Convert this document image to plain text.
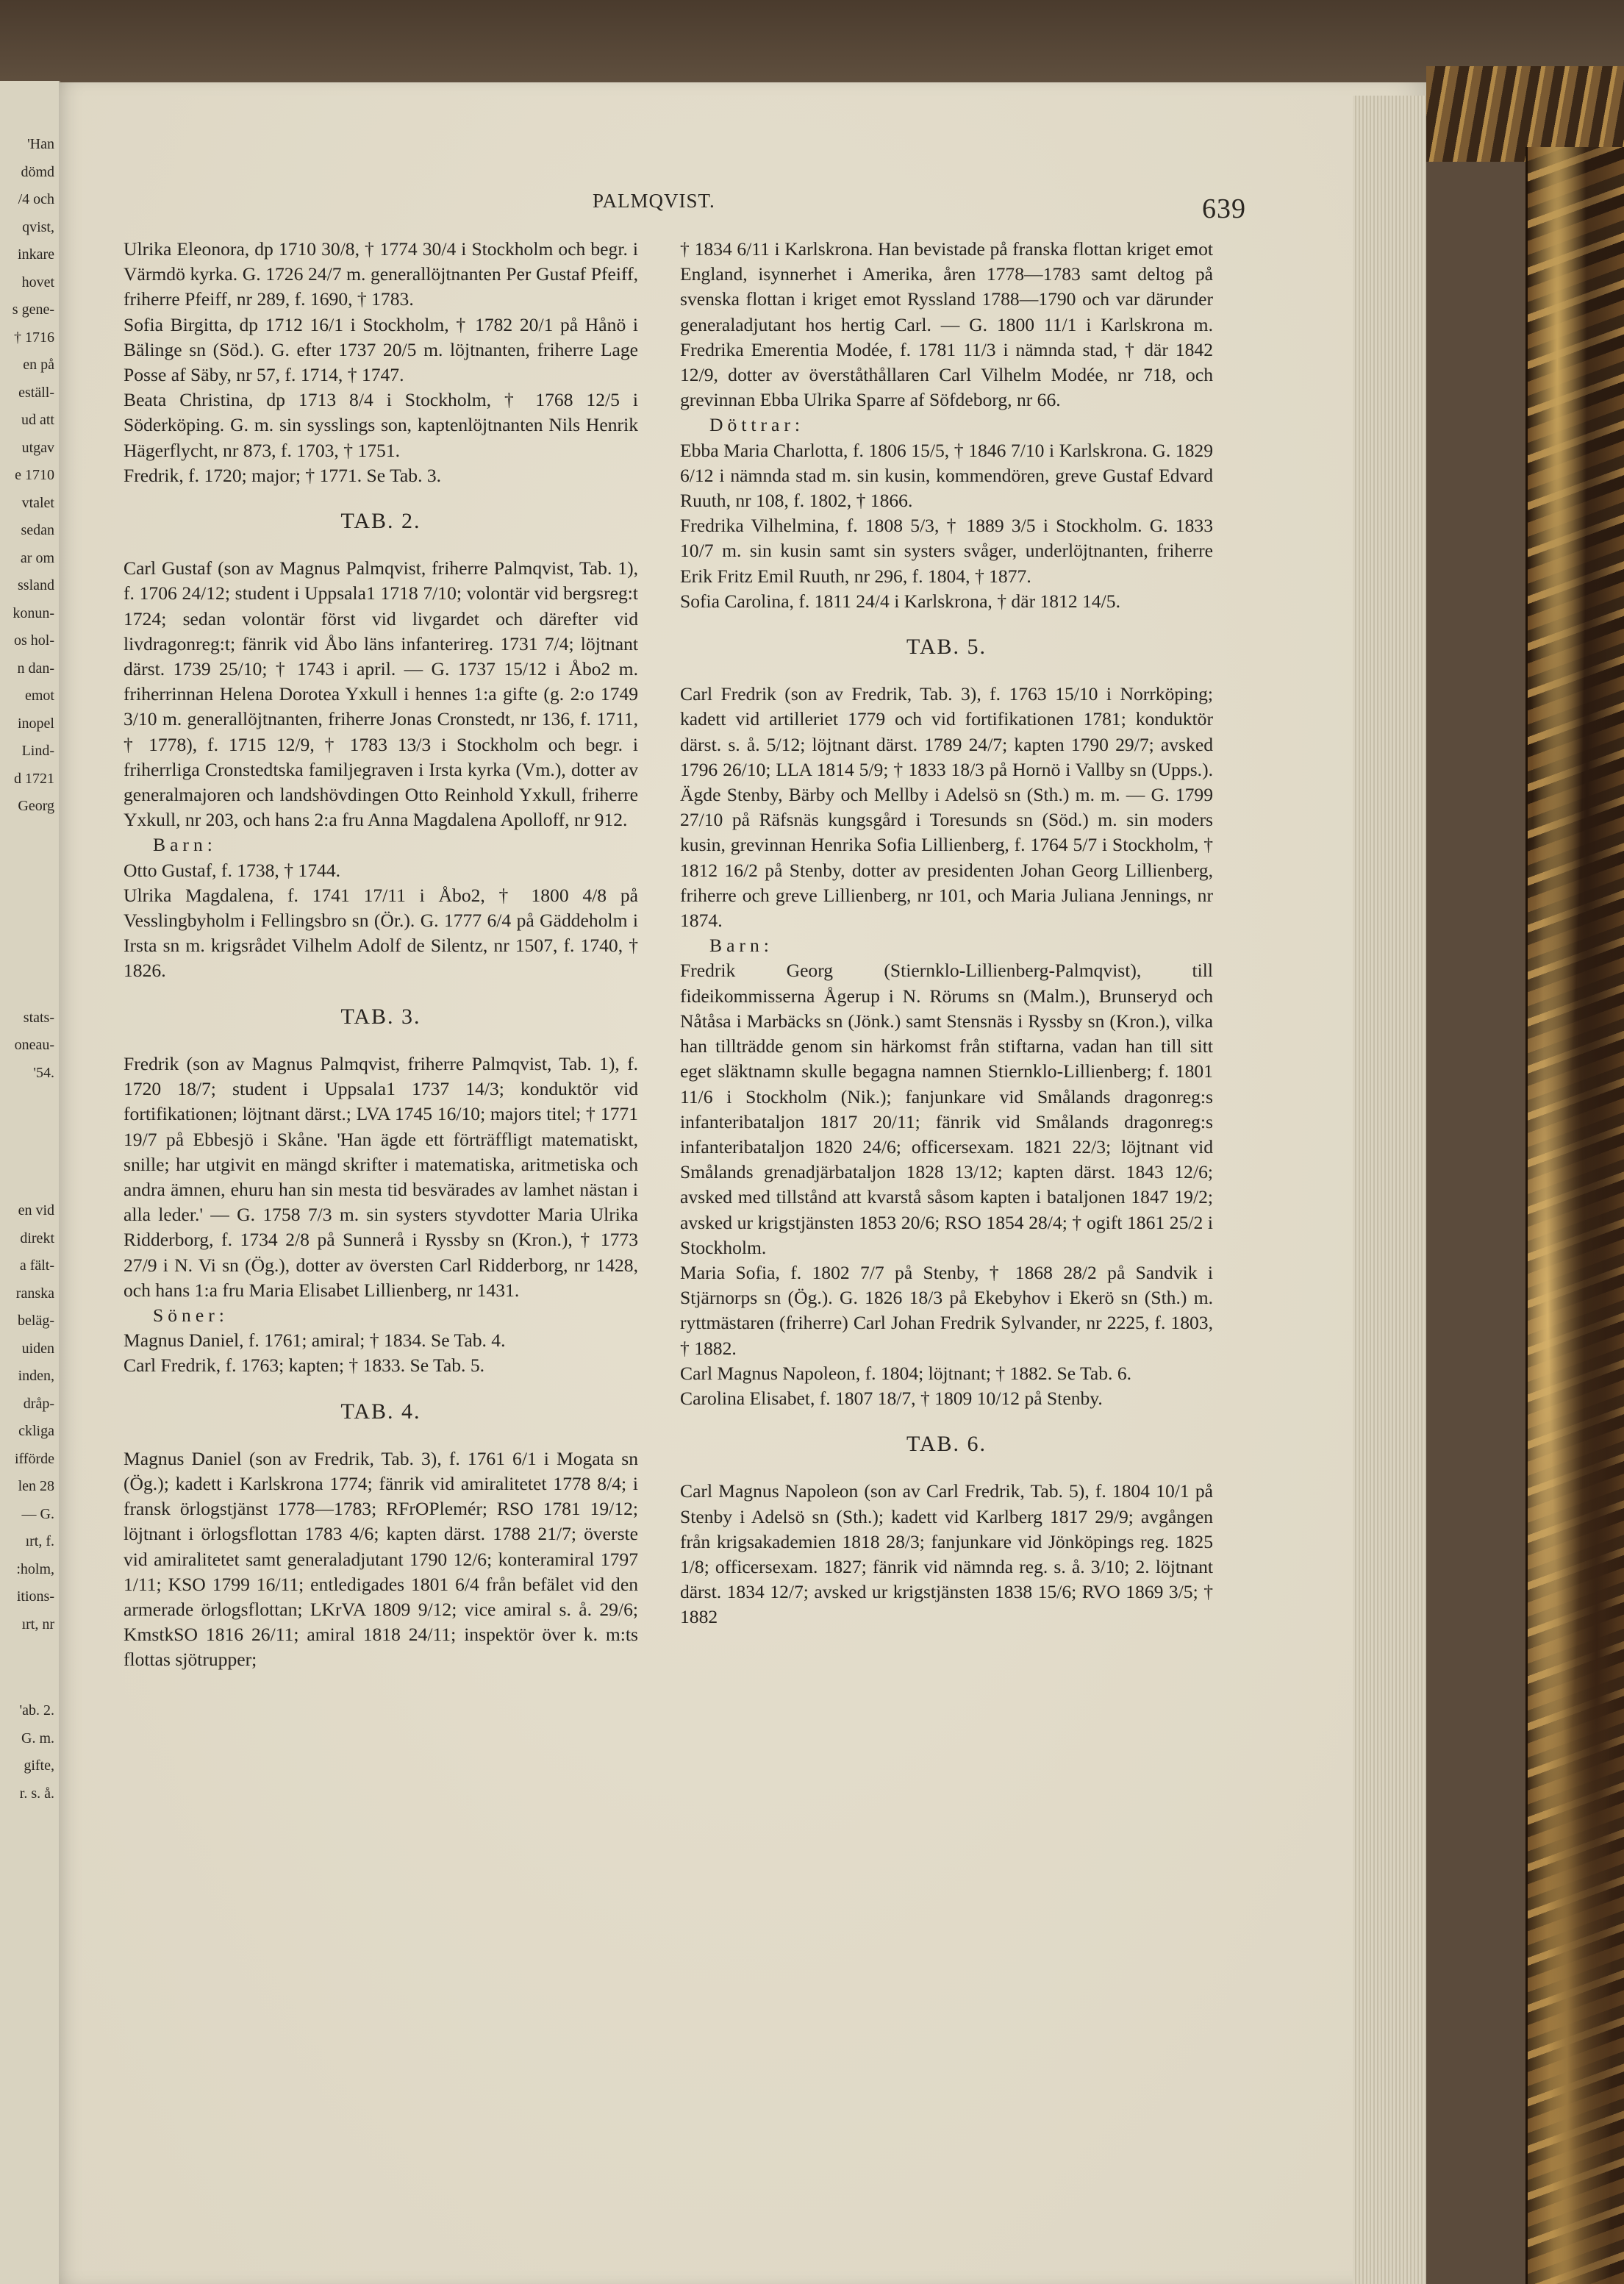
'Han
dömd
/4 och
qvist,
inkare
hovet
s gene-
† 1716
en på
eställ-
ud att
utgav
e 1710
vtalet
sedan
ar om
ssland
konun-
os hol-
n dan-
emot
inopel
Lind-
d 1721
Georg
stats-
oneau-
'54.
en vid
direkt
a fält-
ranska
beläg-
uiden
inden,
dråp-
ckliga
ifförde
len 28
— G.
ırt, f.
:holm,
itions-
ırt, nr
'ab. 2.
G. m.
gifte,
r. s. å.
PALMQVIST.	639

Ulrika Eleonora, dp 1710 30/8, † 1774 30/4 i Stockholm och begr. i Värmdö kyrka. G. 1726 24/7 m. generallöjtnanten Per Gustaf Pfeiff, friherre Pfeiff, nr 289, f. 1690, † 1783.

Sofia Birgitta, dp 1712 16/1 i Stockholm, † 1782 20/1 på Hånö i Bälinge sn (Söd.). G. efter 1737 20/5 m. löjtnanten, friherre Lage Posse af Säby, nr 57, f. 1714, † 1747.

Beata Christina, dp 1713 8/4 i Stockholm, † 1768 12/5 i Söderköping. G. m. sin sysslings son, kaptenlöjtnanten Nils Henrik Hägerflycht, nr 873, f. 1703, † 1751.

Fredrik, f. 1720; major; † 1771. Se Tab. 3.

TAB. 2.

Carl Gustaf (son av Magnus Palmqvist, friherre Palmqvist, Tab. 1), f. 1706 24/12; student i Uppsala1 1718 7/10; volontär vid bergsreg:t 1724; sedan volontär först vid livgardet och därefter vid livdragonreg:t; fänrik vid Åbo läns infanterireg. 1731 7/4; löjtnant därst. 1739 25/10; † 1743 i april. — G. 1737 15/12 i Åbo2 m. friherrinnan Helena Dorotea Yxkull i hennes 1:a gifte (g. 2:o 1749 3/10 m. generallöjtnanten, friherre Jonas Cronstedt, nr 136, f. 1711, † 1778), f. 1715 12/9, † 1783 13/3 i Stockholm och begr. i friherrliga Cronstedtska familjegraven i Irsta kyrka (Vm.), dotter av generalmajoren och landshövdingen Otto Reinhold Yxkull, friherre Yxkull, nr 203, och hans 2:a fru Anna Magdalena Apolloff, nr 912.

Barn:

Otto Gustaf, f. 1738, † 1744.

Ulrika Magdalena, f. 1741 17/11 i Åbo2, † 1800 4/8 på Vesslingbyholm i Fellingsbro sn (Ör.). G. 1777 6/4 på Gäddeholm i Irsta sn m. krigsrådet Vilhelm Adolf de Silentz, nr 1507, f. 1740, † 1826.

TAB. 3.

Fredrik (son av Magnus Palmqvist, friherre Palmqvist, Tab. 1), f. 1720 18/7; student i Uppsala1 1737 14/3; konduktör vid fortifikationen; löjtnant därst.; LVA 1745 16/10; majors titel; † 1771 19/7 på Ebbesjö i Skåne. 'Han ägde ett förträffligt matematiskt, snille; har utgivit en mängd skrifter i matematiska, aritmetiska och andra ämnen, ehuru han sin mesta tid besvärades av lamhet nästan i alla leder.' — G. 1758 7/3 m. sin systers styvdotter Maria Ulrika Ridderborg, f. 1734 2/8 på Sunnerå i Ryssby sn (Kron.), † 1773 27/9 i N. Vi sn (Ög.), dotter av översten Carl Ridderborg, nr 1428, och hans 1:a fru Maria Elisabet Lillienberg, nr 1431.

Söner:

Magnus Daniel, f. 1761; amiral; † 1834. Se Tab. 4.

Carl Fredrik, f. 1763; kapten; † 1833. Se Tab. 5.

TAB. 4.

Magnus Daniel (son av Fredrik, Tab. 3), f. 1761 6/1 i Mogata sn (Ög.); kadett i Karlskrona 1774; fänrik vid amiralitetet 1778 8/4; i fransk örlogstjänst 1778—1783; RFrOPlemér; RSO 1781 19/12; löjtnant i örlogsflottan 1783 4/6; kapten därst. 1788 21/7; överste vid amiralitetet samt generaladjutant 1790 12/6; konteramiral 1797 1/11; KSO 1799 16/11; entledigades 1801 6/4 från befälet vid den armerade örlogsflottan; LKrVA 1809 9/12; vice amiral s. å. 29/6; KmstkSO 1816 26/11; amiral 1818 24/11; inspektör över k. m:ts flottas sjötrupper;

† 1834 6/11 i Karlskrona. Han bevistade på franska flottan kriget emot England, isynnerhet i Amerika, åren 1778—1783 samt deltog på svenska flottan i kriget emot Ryssland 1788—1790 och var därunder generaladjutant hos hertig Carl. — G. 1800 11/1 i Karlskrona m. Fredrika Emerentia Modée, f. 1781 11/3 i nämnda stad, † där 1842 12/9, dotter av överståthållaren Carl Vilhelm Modée, nr 718, och grevinnan Ebba Ulrika Sparre af Söfdeborg, nr 66.

Döttrar:

Ebba Maria Charlotta, f. 1806 15/5, † 1846 7/10 i Karlskrona. G. 1829 6/12 i nämnda stad m. sin kusin, kommendören, greve Gustaf Edvard Ruuth, nr 108, f. 1802, † 1866.

Fredrika Vilhelmina, f. 1808 5/3, † 1889 3/5 i Stockholm. G. 1833 10/7 m. sin kusin samt sin systers svåger, underlöjtnanten, friherre Erik Fritz Emil Ruuth, nr 296, f. 1804, † 1877.

Sofia Carolina, f. 1811 24/4 i Karlskrona, † där 1812 14/5.

TAB. 5.

Carl Fredrik (son av Fredrik, Tab. 3), f. 1763 15/10 i Norrköping; kadett vid artilleriet 1779 och vid fortifikationen 1781; konduktör därst. s. å. 5/12; löjtnant därst. 1789 24/7; kapten 1790 29/7; avsked 1796 26/10; LLA 1814 5/9; † 1833 18/3 på Hornö i Vallby sn (Upps.). Ägde Stenby, Bärby och Mellby i Adelsö sn (Sth.) m. m. — G. 1799 27/10 på Räfsnäs kungsgård i Toresunds sn (Söd.) m. sin moders kusin, grevinnan Henrika Sofia Lillienberg, f. 1764 5/7 i Stockholm, † 1812 16/2 på Stenby, dotter av presidenten Johan Georg Lillienberg, friherre och greve Lillienberg, nr 101, och Maria Juliana Jennings, nr 1874.

Barn:

Fredrik Georg (Stiernklo-Lillienberg-Palmqvist), till fideikommisserna Ågerup i N. Rörums sn (Malm.), Brunseryd och Nåtåsa i Marbäcks sn (Jönk.) samt Stensnäs i Ryssby sn (Kron.), vilka han tillträdde genom sin härkomst från stiftarna, vadan han till sitt eget släktnamn skulle begagna namnen Stiernklo-Lillienberg; f. 1801 11/6 i Stockholm (Nik.); fanjunkare vid Smålands dragonreg:s infanteribataljon 1817 20/11; fänrik vid Smålands dragonreg:s infanteribataljon 1820 24/6; officersexam. 1821 22/3; löjtnant vid Smålands grenadjärbataljon 1828 13/12; kapten därst. 1843 12/6; avsked med tillstånd att kvarstå såsom kapten i bataljonen 1847 19/2; avsked ur krigstjänsten 1853 20/6; RSO 1854 28/4; † ogift 1861 25/2 i Stockholm.

Maria Sofia, f. 1802 7/7 på Stenby, † 1868 28/2 på Sandvik i Stjärnorps sn (Ög.). G. 1826 18/3 på Ekebyhov i Ekerö sn (Sth.) m. ryttmästaren (friherre) Carl Johan Fredrik Sylvander, nr 2225, f. 1803, † 1882.

Carl Magnus Napoleon, f. 1804; löjtnant; † 1882. Se Tab. 6.

Carolina Elisabet, f. 1807 18/7, † 1809 10/12 på Stenby.

TAB. 6.

Carl Magnus Napoleon (son av Carl Fredrik, Tab. 5), f. 1804 10/1 på Stenby i Adelsö sn (Sth.); kadett vid Karlberg 1817 29/9; avgången från krigsakademien 1818 28/3; fanjunkare vid Jönköpings reg. 1825 1/8; officersexam. 1827; fänrik vid nämnda reg. s. å. 3/10; 2. löjtnant därst. 1834 12/7; avsked ur krigstjänsten 1838 15/6; RVO 1869 3/5; † 1882
